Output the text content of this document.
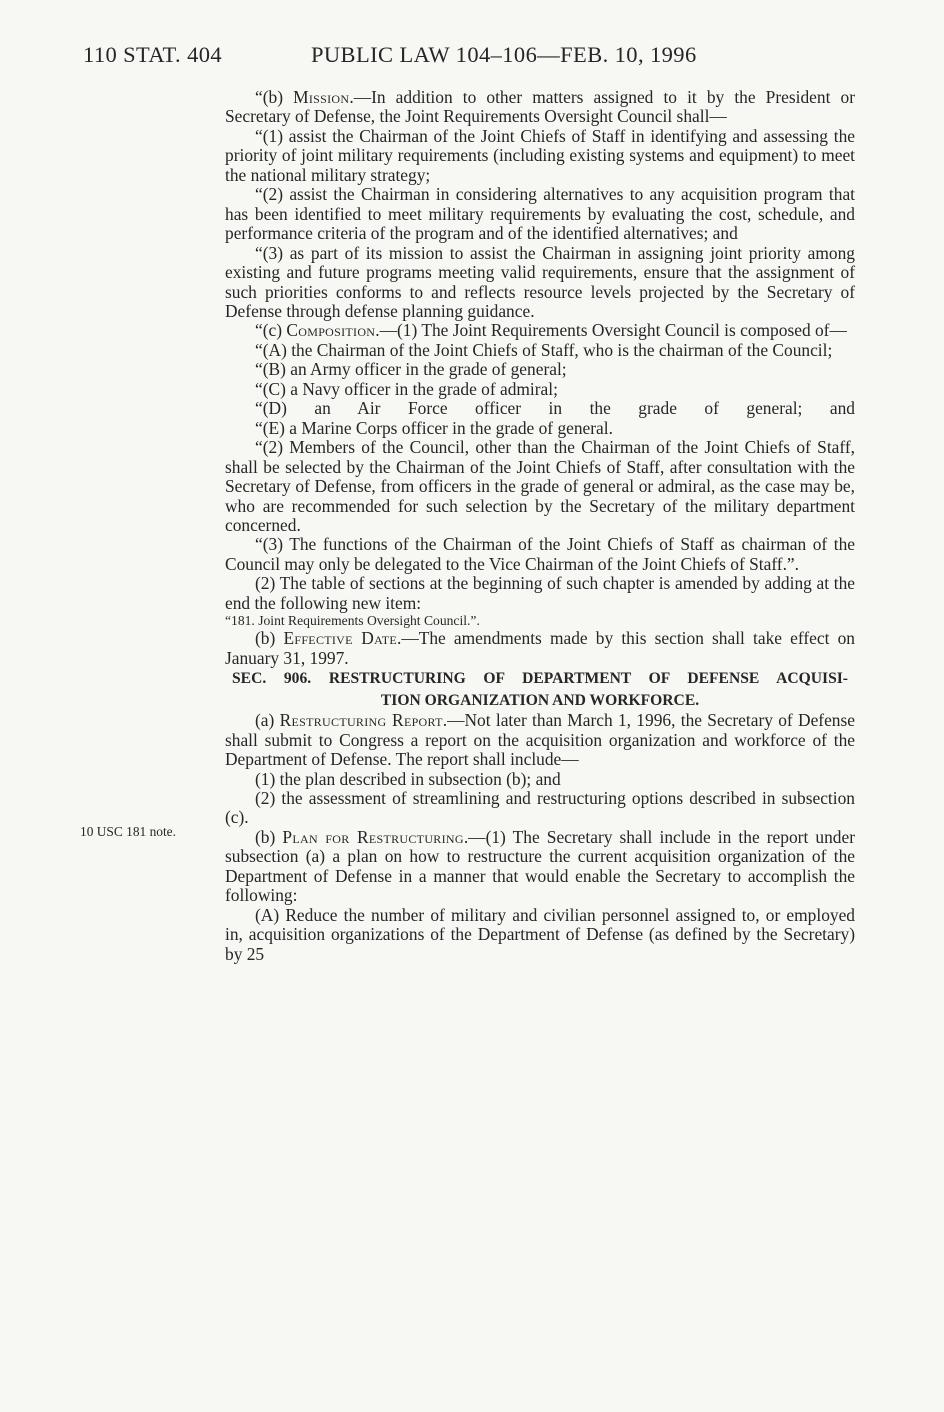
110 STAT. 404	PUBLIC LAW 104–106—FEB. 10, 1996
10 USC 181 note.

“(b) Mission.—In addition to other matters assigned to it by the President or Secretary of Defense, the Joint Requirements Oversight Council shall—

“(1) assist the Chairman of the Joint Chiefs of Staff in identifying and assessing the priority of joint military requirements (including existing systems and equipment) to meet the national military strategy;

“(2) assist the Chairman in considering alternatives to any acquisition program that has been identified to meet military requirements by evaluating the cost, schedule, and performance criteria of the program and of the identified alternatives; and

“(3) as part of its mission to assist the Chairman in assigning joint priority among existing and future programs meeting valid requirements, ensure that the assignment of such priorities conforms to and reflects resource levels projected by the Secretary of Defense through defense planning guidance.

“(c) Composition.—(1) The Joint Requirements Oversight Council is composed of—

“(A) the Chairman of the Joint Chiefs of Staff, who is the chairman of the Council;

“(B) an Army officer in the grade of general;

“(C) a Navy officer in the grade of admiral;

“(D) an Air Force officer in the grade of general; and

“(E) a Marine Corps officer in the grade of general.

“(2) Members of the Council, other than the Chairman of the Joint Chiefs of Staff, shall be selected by the Chairman of the Joint Chiefs of Staff, after consultation with the Secretary of Defense, from officers in the grade of general or admiral, as the case may be, who are recommended for such selection by the Secretary of the military department concerned.

“(3) The functions of the Chairman of the Joint Chiefs of Staff as chairman of the Council may only be delegated to the Vice Chairman of the Joint Chiefs of Staff.”.

(2) The table of sections at the beginning of such chapter is amended by adding at the end the following new item:

“181. Joint Requirements Oversight Council.”.

(b) Effective Date.—The amendments made by this section shall take effect on January 31, 1997.

SEC. 906. RESTRUCTURING OF DEPARTMENT OF DEFENSE ACQUISI-
TION ORGANIZATION AND WORKFORCE.

(a) Restructuring Report.—Not later than March 1, 1996, the Secretary of Defense shall submit to Congress a report on the acquisition organization and workforce of the Department of Defense. The report shall include—

(1) the plan described in subsection (b); and

(2) the assessment of streamlining and restructuring options described in subsection (c).

(b) Plan for Restructuring.—(1) The Secretary shall include in the report under subsection (a) a plan on how to restructure the current acquisition organization of the Department of Defense in a manner that would enable the Secretary to accomplish the following:

(A) Reduce the number of military and civilian personnel assigned to, or employed in, acquisition organizations of the Department of Defense (as defined by the Secretary) by 25
